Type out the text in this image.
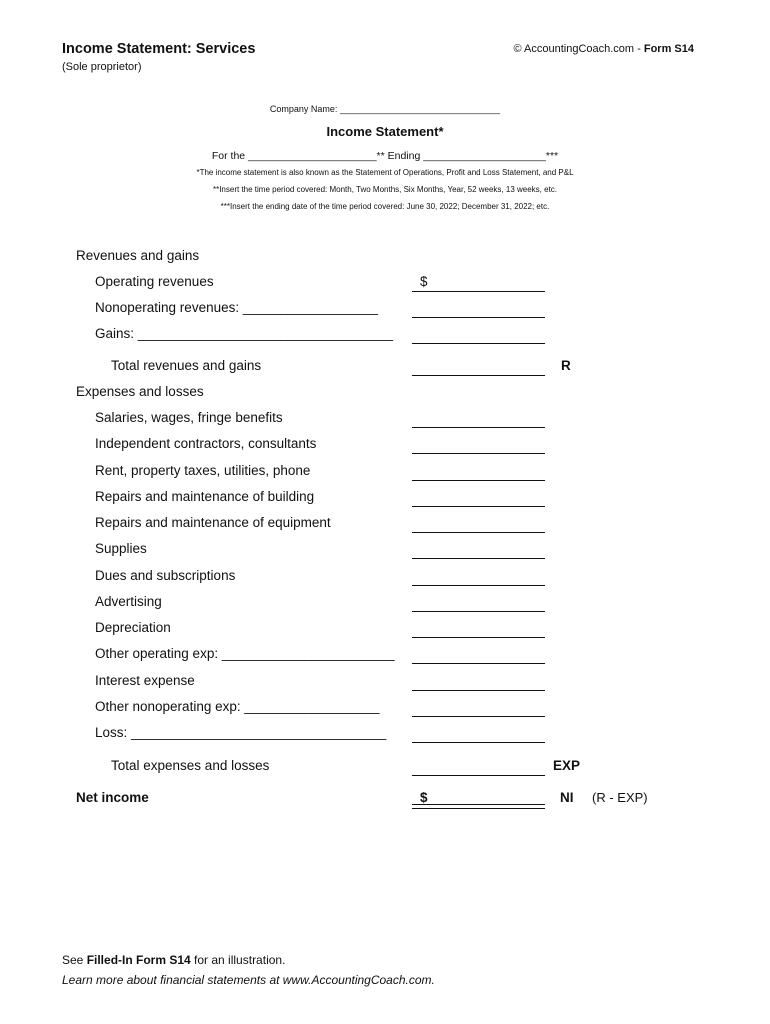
Income Statement: Services
(Sole proprietor)
© AccountingCoach.com - Form S14
Company Name: ________________________________
Income Statement*
For the ______________________** Ending _____________________***
*The income statement is also known as the Statement of Operations, Profit and Loss Statement, and P&L
**Insert the time period covered: Month, Two Months, Six Months, Year, 52 weeks, 13 weeks, etc.
***Insert the ending date of the time period covered: June 30, 2022; December 31, 2022; etc.
Revenues and gains
Operating revenues	$
Nonoperating revenues: __________________
Gains: __________________________________
Total revenues and gains	R
Expenses and losses
Salaries, wages, fringe benefits
Independent contractors, consultants
Rent, property taxes, utilities, phone
Repairs and maintenance of building
Repairs and maintenance of equipment
Supplies
Dues and subscriptions
Advertising
Depreciation
Other operating exp: _______________________
Interest expense
Other nonoperating exp: __________________
Loss: __________________________________
Total expenses and losses	EXP
Net income	$	NI (R - EXP)
See Filled-In Form S14 for an illustration.
Learn more about financial statements at www.AccountingCoach.com.
